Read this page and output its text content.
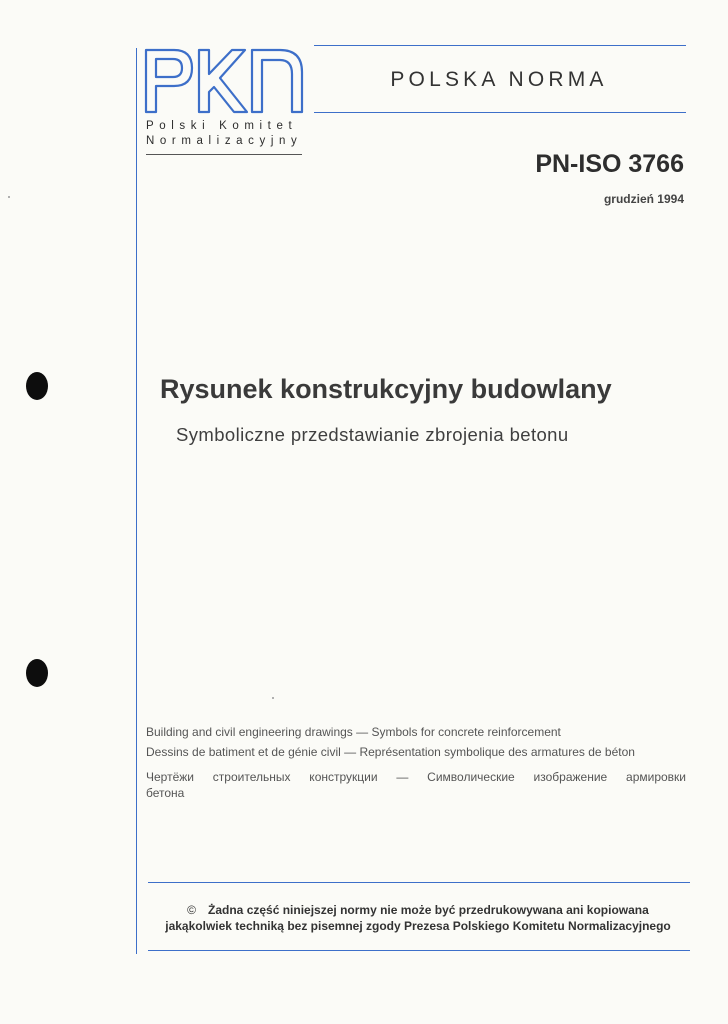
Polski Komitet
Normalizacyjny
POLSKA NORMA
PN-ISO 3766
grudzień 1994
Rysunek konstrukcyjny budowlany
Symboliczne przedstawianie zbrojenia betonu
Building and civil engineering drawings — Symbols for concrete reinforcement
Dessins de batiment et de génie civil — Représentation symbolique des armatures de béton
Чертёжи строительных конструкции — Символические изображение армировки
бетона
© Żadna część niniejszej normy nie może być przedrukowywana ani kopiowana
jakąkolwiek techniką bez pisemnej zgody Prezesa Polskiego Komitetu Normalizacyjnego
